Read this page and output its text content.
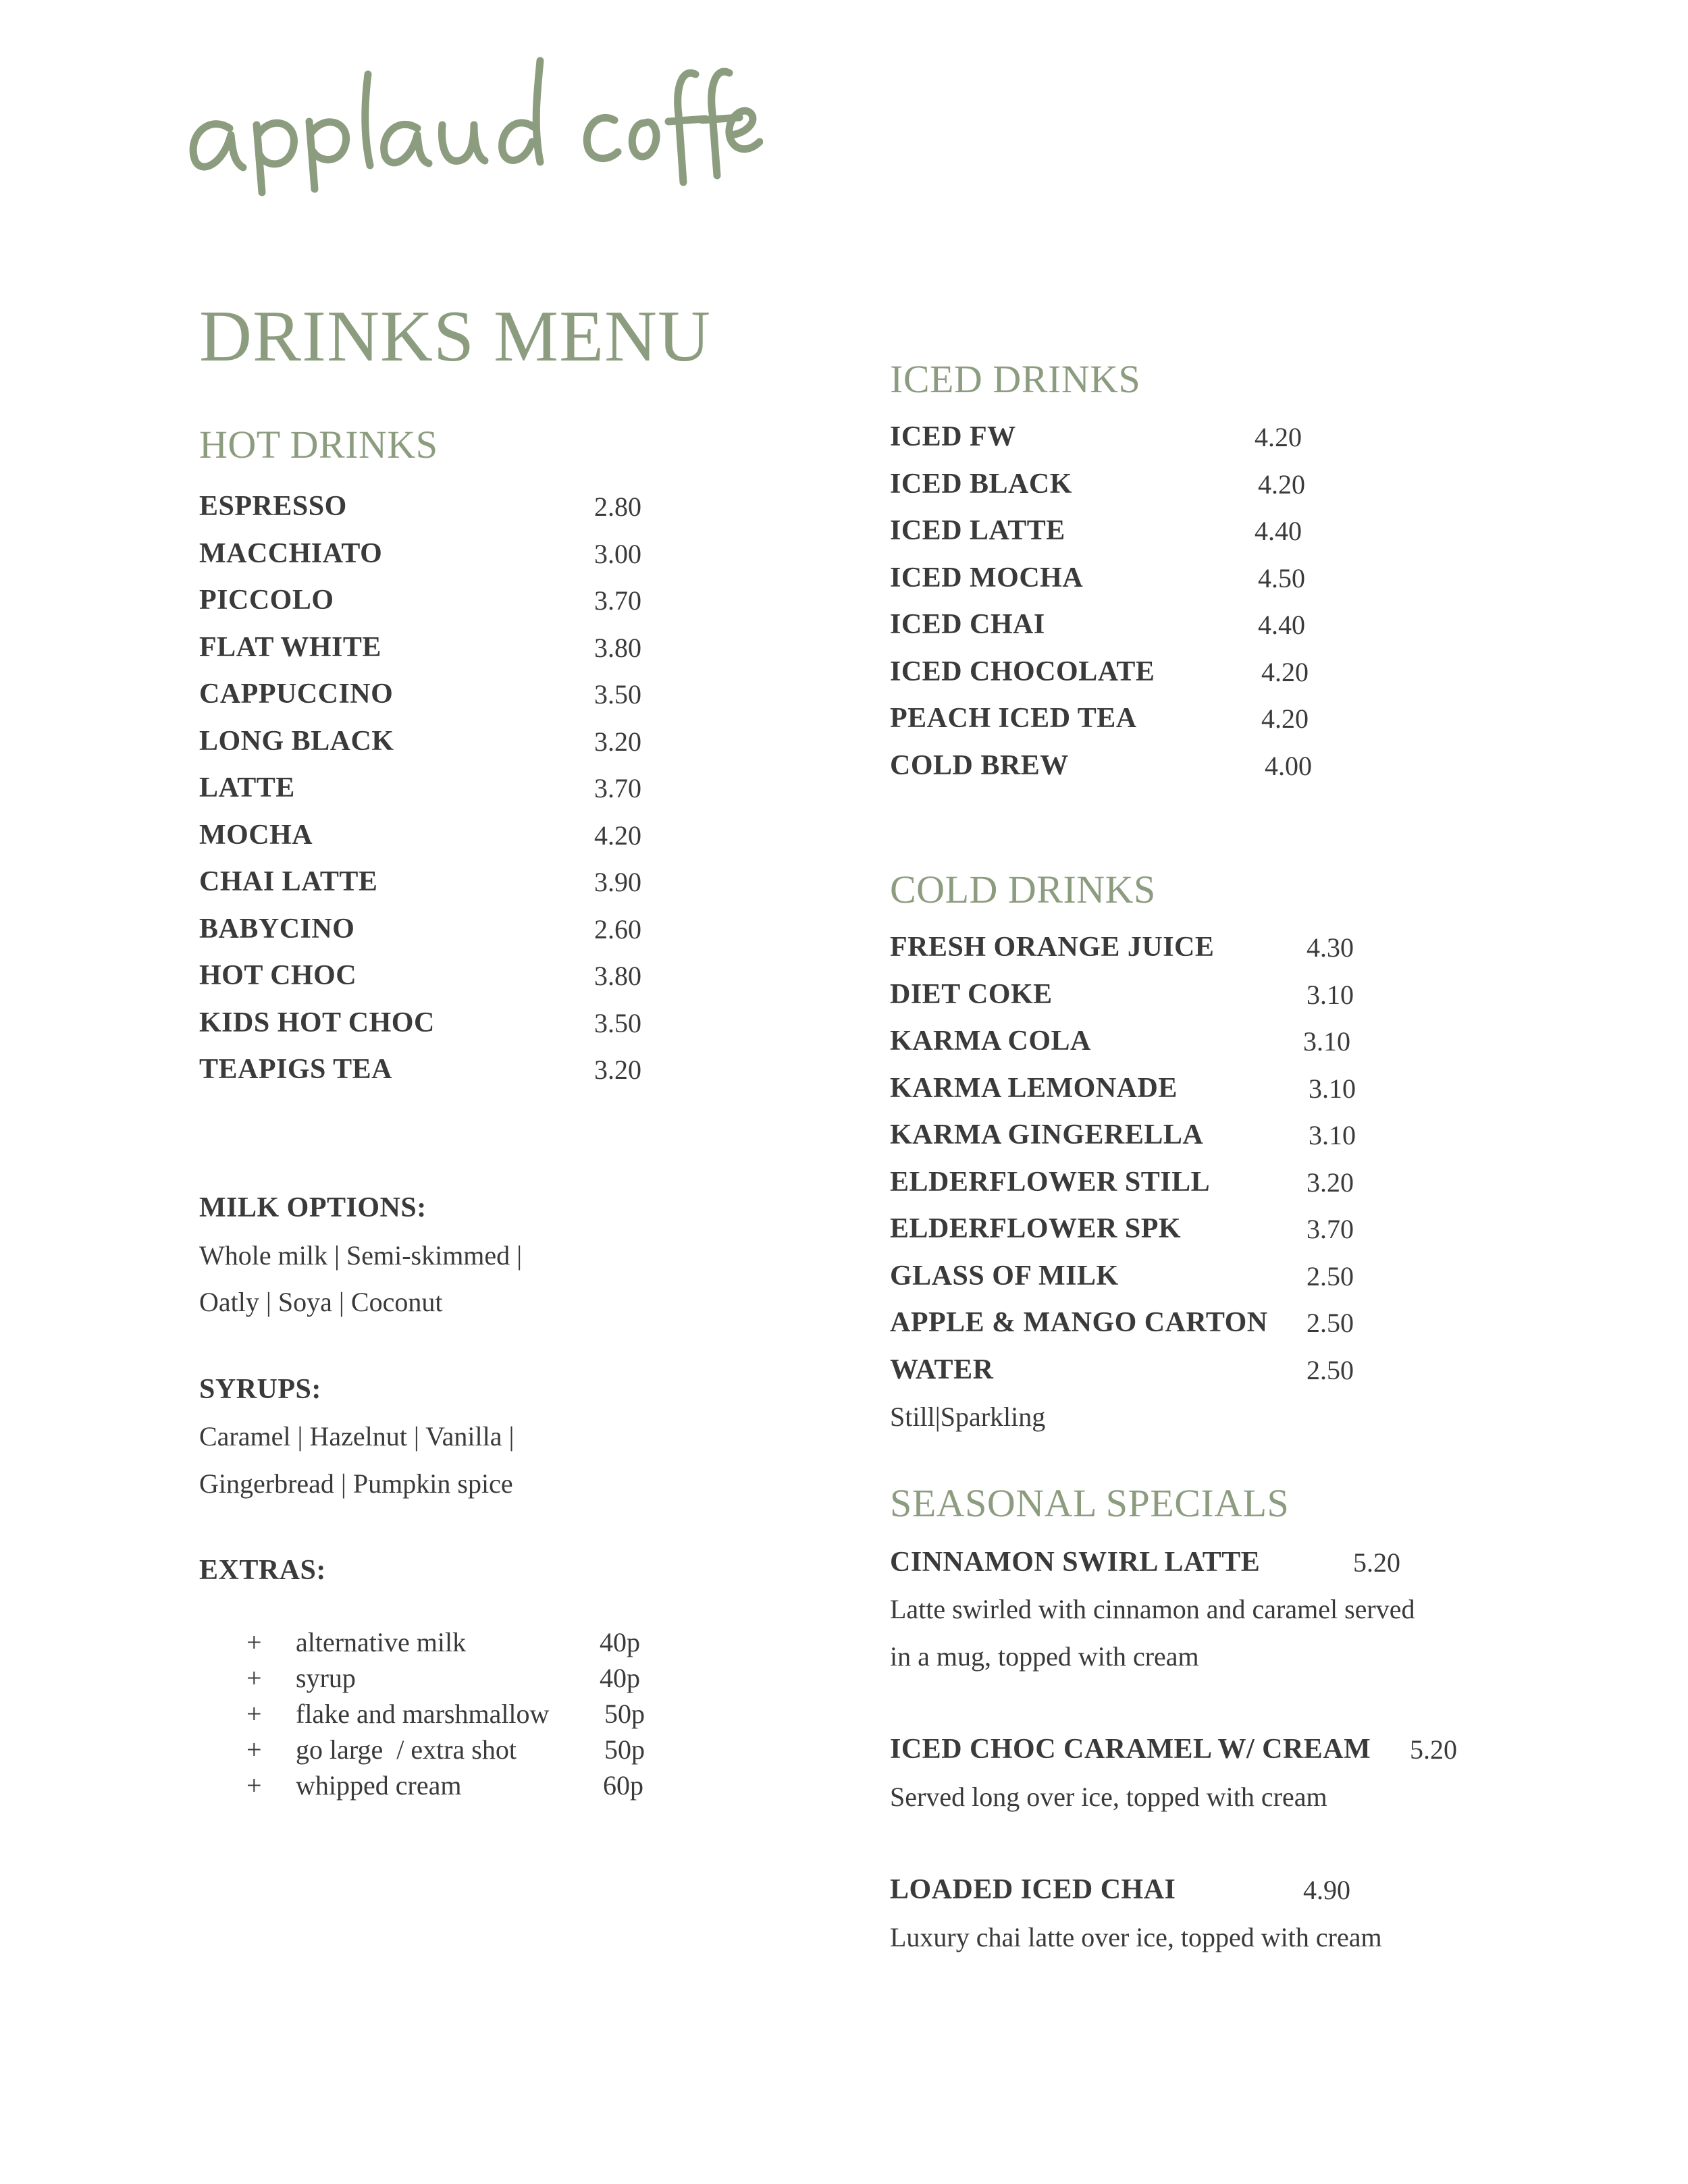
DRINKS MENU
HOT DRINKS
ESPRESSO	2.80
MACCHIATO	3.00
PICCOLO	3.70
FLAT WHITE	3.80
CAPPUCCINO	3.50
LONG BLACK	3.20
LATTE	3.70
MOCHA	4.20
CHAI LATTE	3.90
BABYCINO	2.60
HOT CHOC	3.80
KIDS HOT CHOC	3.50
TEAPIGS TEA	3.20

MILK OPTIONS:

Whole milk | Semi-skimmed |
Oatly | Soya | Coconut

SYRUPS:

Caramel | Hazelnut | Vanilla |
Gingerbread | Pumpkin spice

EXTRAS:

+ alternative milk	40p
+ syrup	40p
+ flake and marshmallow 50p
+ go large  / extra shot	50p
+ whipped cream	60p
ICED DRINKS
ICED FW	4.20
ICED BLACK	4.20
ICED LATTE	4.40
ICED MOCHA	4.50
ICED CHAI	4.40
ICED CHOCOLATE	4.20
PEACH ICED TEA	4.20
COLD BREW	4.00
COLD DRINKS
FRESH ORANGE JUICE	4.30
DIET COKE	3.10
KARMA COLA	3.10
KARMA LEMONADE	3.10
KARMA GINGERELLA	3.10
ELDERFLOWER STILL	3.20
ELDERFLOWER SPK	3.70
GLASS OF MILK	2.50
APPLE & MANGO CARTON 2.50
WATER	2.50
Still|Sparkling
SEASONAL SPECIALS
CINNAMON SWIRL LATTE	5.20

Latte swirled with cinnamon and caramel served
in a mug, topped with cream

ICED CHOC CARAMEL W/ CREAM 5.20

Served long over ice, topped with cream

LOADED ICED CHAI	4.90

Luxury chai latte over ice, topped with cream
